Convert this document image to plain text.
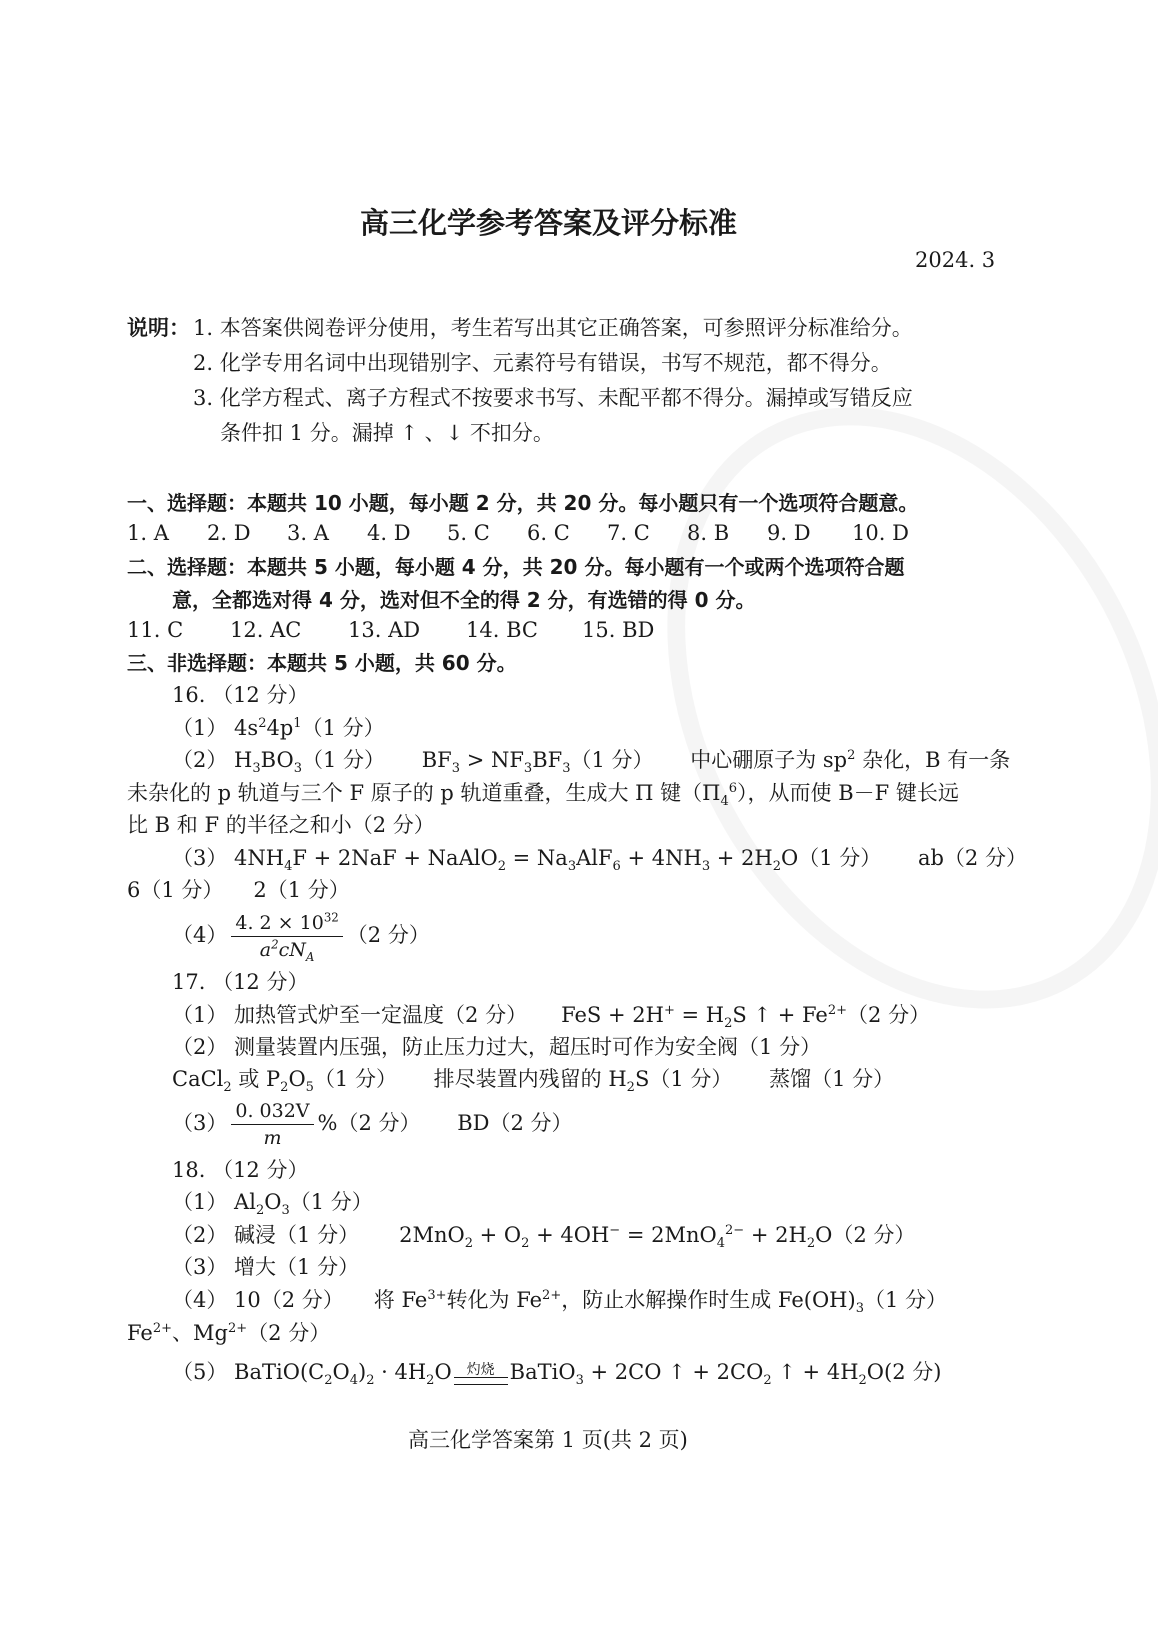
高三化学参考答案及评分标准
2024. 3
说明： 1. 本答案供阅卷评分使用，考生若写出其它正确答案，可参照评分标准给分。
2. 化学专用名词中出现错别字、元素符号有错误，书写不规范，都不得分。
3. 化学方程式、离子方程式不按要求书写、未配平都不得分。漏掉或写错反应
条件扣 1 分。漏掉 ↑ 、↓ 不扣分。
一、选择题：本题共 10 小题，每小题 2 分，共 20 分。每小题只有一个选项符合题意。
1. A 2. D 3. A 4. D 5. C 6. C 7. C 8. B 9. D 10. D
二、选择题：本题共 5 小题，每小题 4 分，共 20 分。每小题有一个或两个选项符合题
意，全都选对得 4 分，选对但不全的得 2 分，有选错的得 0 分。
11. C 12. AC 13. AD 14. BC 15. BD
三、非选择题：本题共 5 小题，共 60 分。
16. （12 分）
（1） $4s^24p^1(1$ 分）
（2） $H_3BO_3(1$ 分） $BF_3 > NF_3BF_3(1$ 分） 中心硼原子为 $sp^2$ 杂化，B 有一条
未杂化的 p 轨道与三个 F 原子的 p 轨道重叠，生成大 Π 键$(\Pi_4^6)$，从而使 B－F 键长远
比 B 和 F 的半径之和小（2 分）
（3） $4NH_4F + 2NaF$ + NaAlO$_2$ = $Na_3AlF_6 + 4NH_3 + 2H_2O(1$ 分） ab（2 分）
6（1 分） 2（1 分）
$(4) \frac{4. 2 \times 10^{32}}{a^2cN_A} (2$ 分）
17. （12 分）
（1） 加热管式炉至一定温度（2 分） FeS + $2H^+ = H_2S$ ↑ + $Fe^{2+}(2$ 分）
（2） 测量装置内压强，防止压力过大，超压时可作为安全阀（1 分）
CaCl$_2$ 或 $P_2O_5(1$ 分） 排尽装置内残留的 $H_2S(1$ 分） 蒸馏（1 分）
$(3) \frac{0. 032V}{m} \%(2$ 分） BD（2 分）
18. （12 分）
（1） $Al_2O_3(1$ 分）
（2） 碱浸（1 分） $2MnO_2 + O_2 + 4OH^- = 2MnO_4^{2-} + 2H_2O(2$ 分）
（3） 增大（1 分）
（4） 10（2 分） 将 $Fe^{3+}$转化为 $Fe^{2+}$，防止水解操作时生成 $Fe(OH)_3(1$ 分）
$Fe^{2+}$、$Mg^{2+}(2$ 分）
（5） $BaTiO(C_2O_4)_2 \cdot 4H_2O$	灼烧 BaTiO$_3$ + 2CO ↑ + $2CO_2$ ↑ + $4H_2O(2$ 分)
高三化学答案第 1 页(共 2 页)
